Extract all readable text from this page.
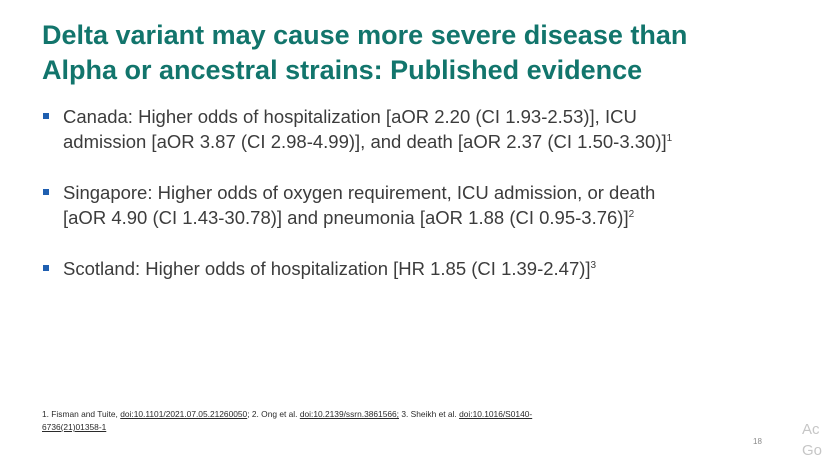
Delta variant may cause more severe disease than
Alpha or ancestral strains: Published evidence
Canada: Higher odds of hospitalization [aOR 2.20 (CI 1.93-2.53)], ICU
admission [aOR 3.87 (CI 2.98-4.99)], and death [aOR 2.37 (CI 1.50-3.30)]$^1$
Singapore: Higher odds of oxygen requirement, ICU admission, or death
[aOR 4.90 (CI 1.43-30.78)] and pneumonia [aOR 1.88 (CI 0.95-3.76)]$^2$
Scotland: Higher odds of hospitalization [HR 1.85 (CI 1.39-2.47)]$^3$
1. Fisman and Tuite, doi:10.1101/2021.07.05.21260050; 2. Ong et al. doi:10.2139/ssrn.3861566; 3. Sheikh et al. doi:10.1016/S0140-
6736(21)01358-1
18
Ac
Go
